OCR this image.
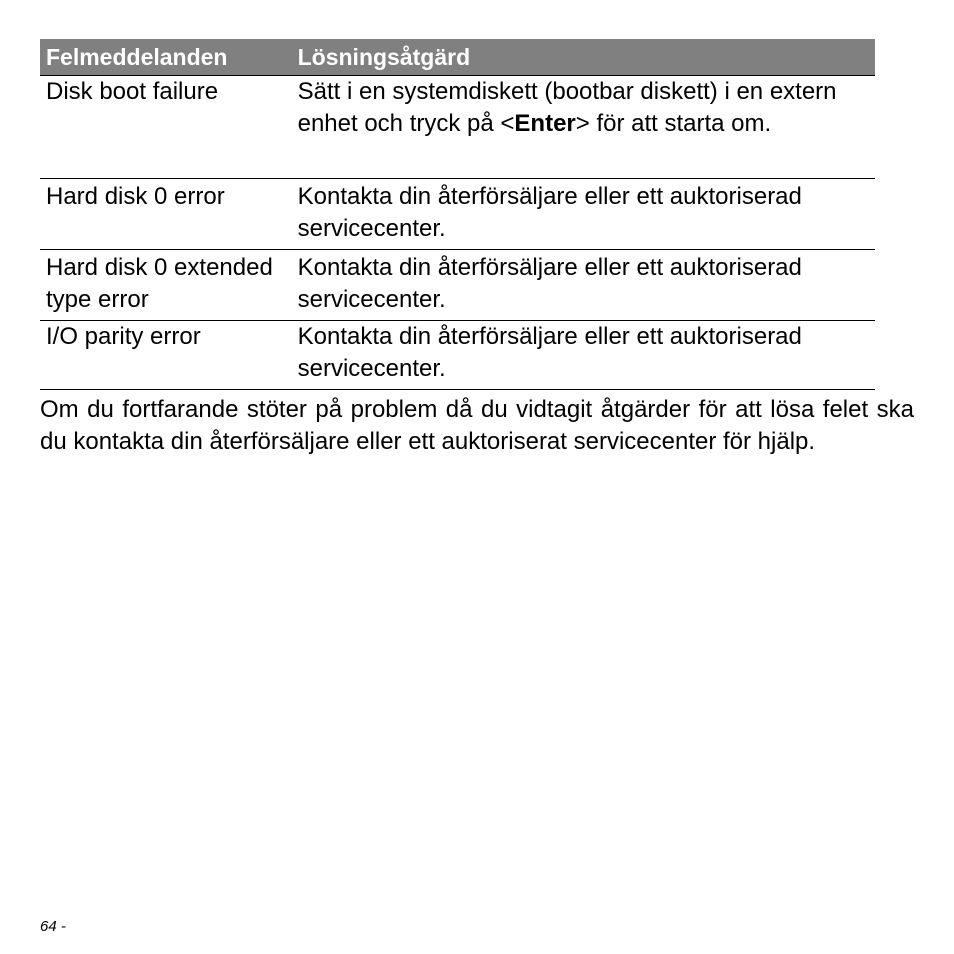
Felmeddelanden	Lösningsåtgärd
Disk boot failure	Sätt i en systemdiskett (bootbar diskett) i en extern enhet och tryck på <Enter> för att starta om.
Hard disk 0 error	Kontakta din återförsäljare eller ett auktoriserad servicecenter.
Hard disk 0 extended type error	Kontakta din återförsäljare eller ett auktoriserad servicecenter.
I/O parity error	Kontakta din återförsäljare eller ett auktoriserad servicecenter.

Om du fortfarande stöter på problem då du vidtagit åtgärder för att lösa felet ska du kontakta din återförsäljare eller ett auktoriserat servicecenter för hjälp.

64 -
